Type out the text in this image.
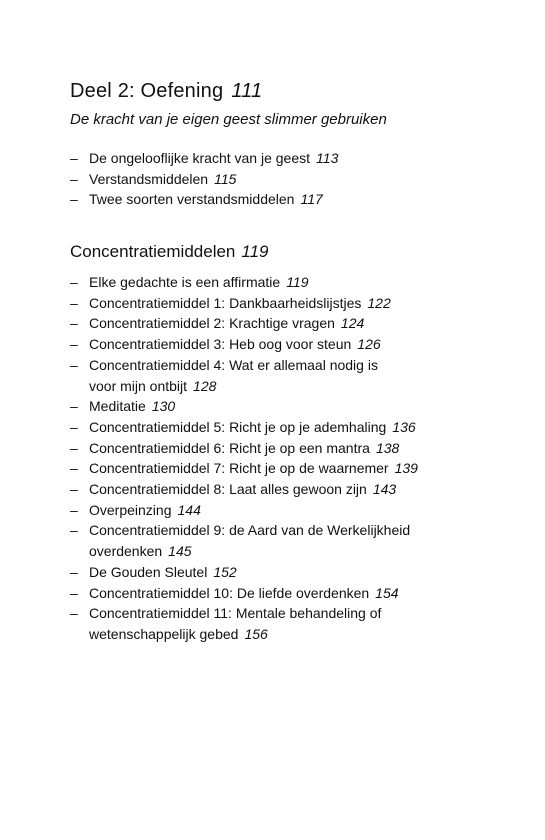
Deel 2: Oefening 111
De kracht van je eigen geest slimmer gebruiken
– De ongelooflijke kracht van je geest 113
– Verstandsmiddelen 115
– Twee soorten verstandsmiddelen 117
Concentratiemiddelen 119
– Elke gedachte is een affirmatie 119
– Concentratiemiddel 1: Dankbaarheidslijstjes 122
– Concentratiemiddel 2: Krachtige vragen 124
– Concentratiemiddel 3: Heb oog voor steun 126
– Concentratiemiddel 4: Wat er allemaal nodig is
voor mijn ontbijt 128
– Meditatie 130
– Concentratiemiddel 5: Richt je op je ademhaling 136
– Concentratiemiddel 6: Richt je op een mantra 138
– Concentratiemiddel 7: Richt je op de waarnemer 139
– Concentratiemiddel 8: Laat alles gewoon zijn 143
– Overpeinzing 144
– Concentratiemiddel 9: de Aard van de Werkelijkheid
overdenken 145
– De Gouden Sleutel 152
– Concentratiemiddel 10: De liefde overdenken 154
– Concentratiemiddel 11: Mentale behandeling of
wetenschappelijk gebed 156
